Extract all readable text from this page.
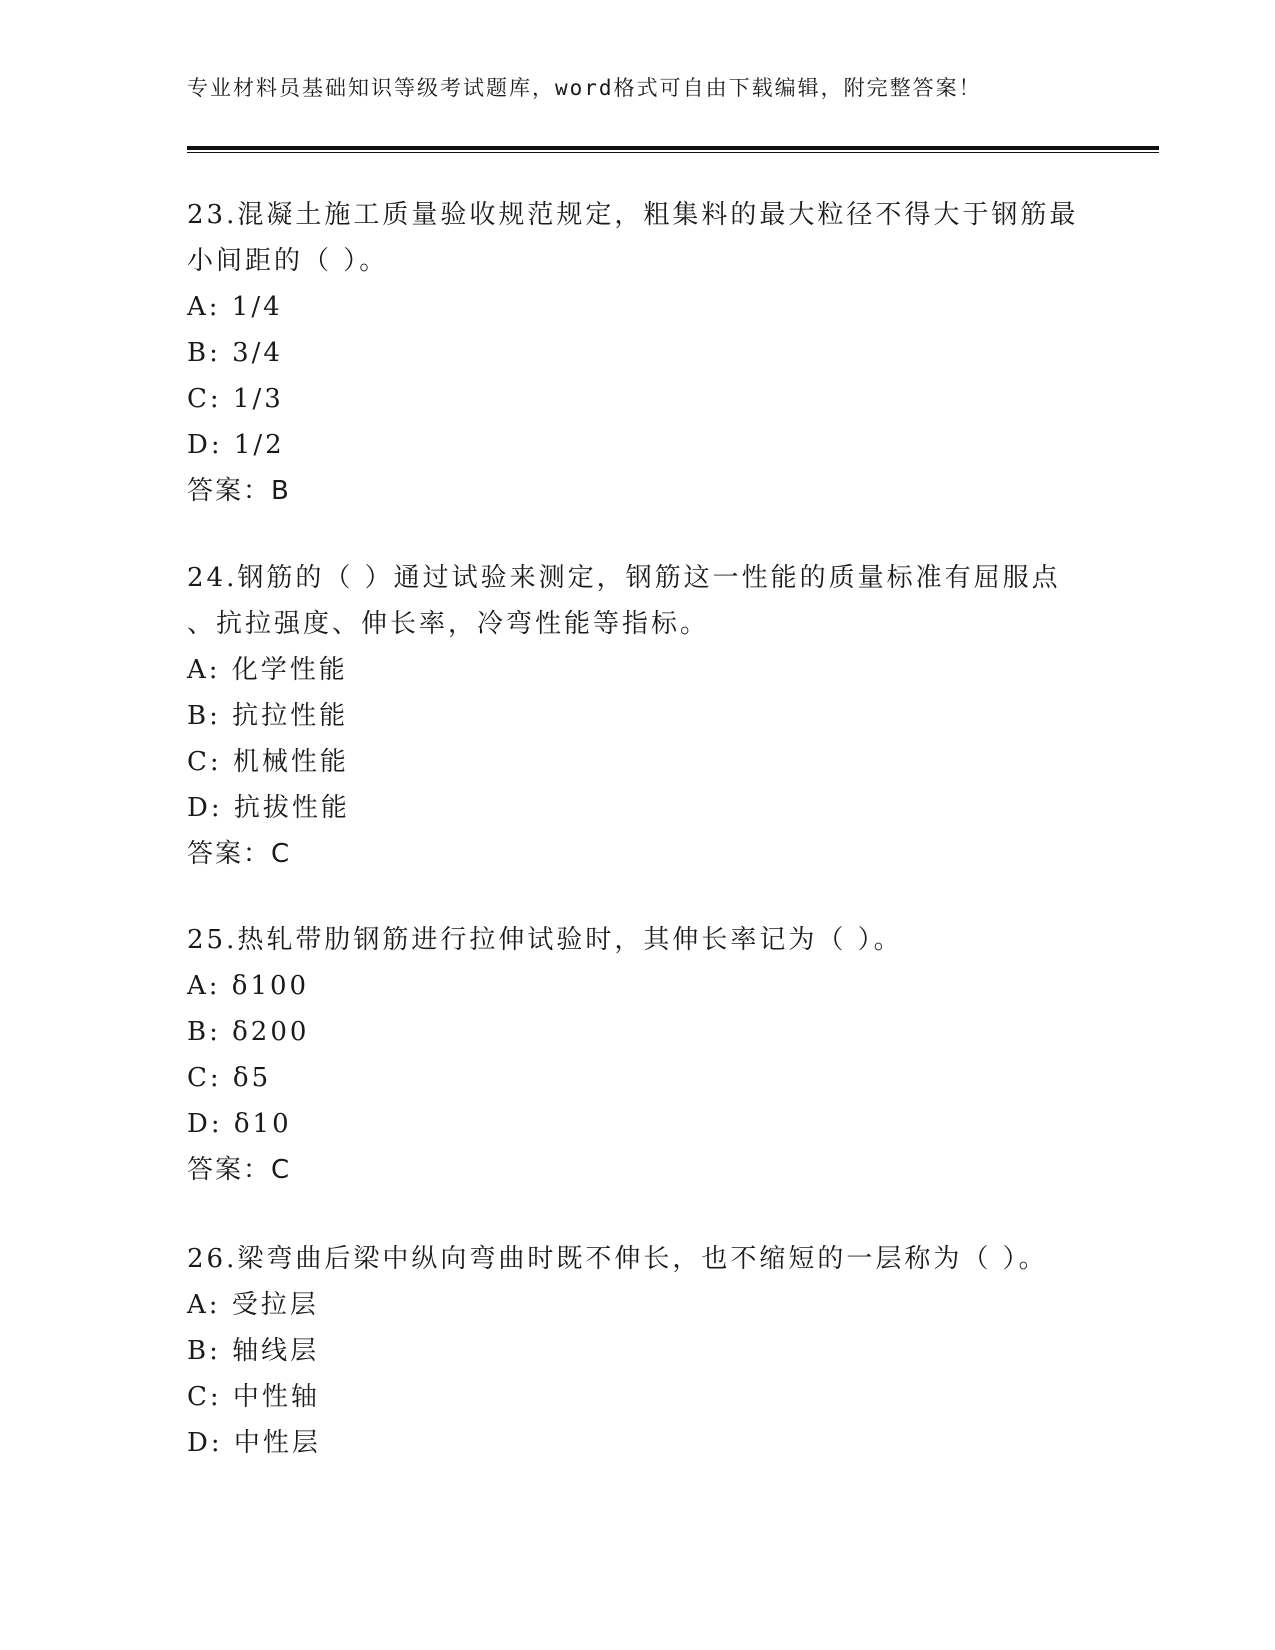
专业材料员基础知识等级考试题库，word格式可自由下载编辑，附完整答案！
23.混凝土施工质量验收规范规定，粗集料的最大粒径不得大于钢筋最
小间距的（ ）。
A: 1/4
B: 3/4
C: 1/3
D: 1/2
答案：B
24.钢筋的（ ）通过试验来测定，钢筋这一性能的质量标准有屈服点
、抗拉强度、伸长率，冷弯性能等指标。
A: 化学性能
B: 抗拉性能
C: 机械性能
D: 抗拔性能
答案：C
25.热轧带肋钢筋进行拉伸试验时，其伸长率记为（ ）。
A: δ100
B: δ200
C: δ5
D: δ10
答案：C
26.梁弯曲后梁中纵向弯曲时既不伸长，也不缩短的一层称为（ ）。
A: 受拉层
B: 轴线层
C: 中性轴
D: 中性层
